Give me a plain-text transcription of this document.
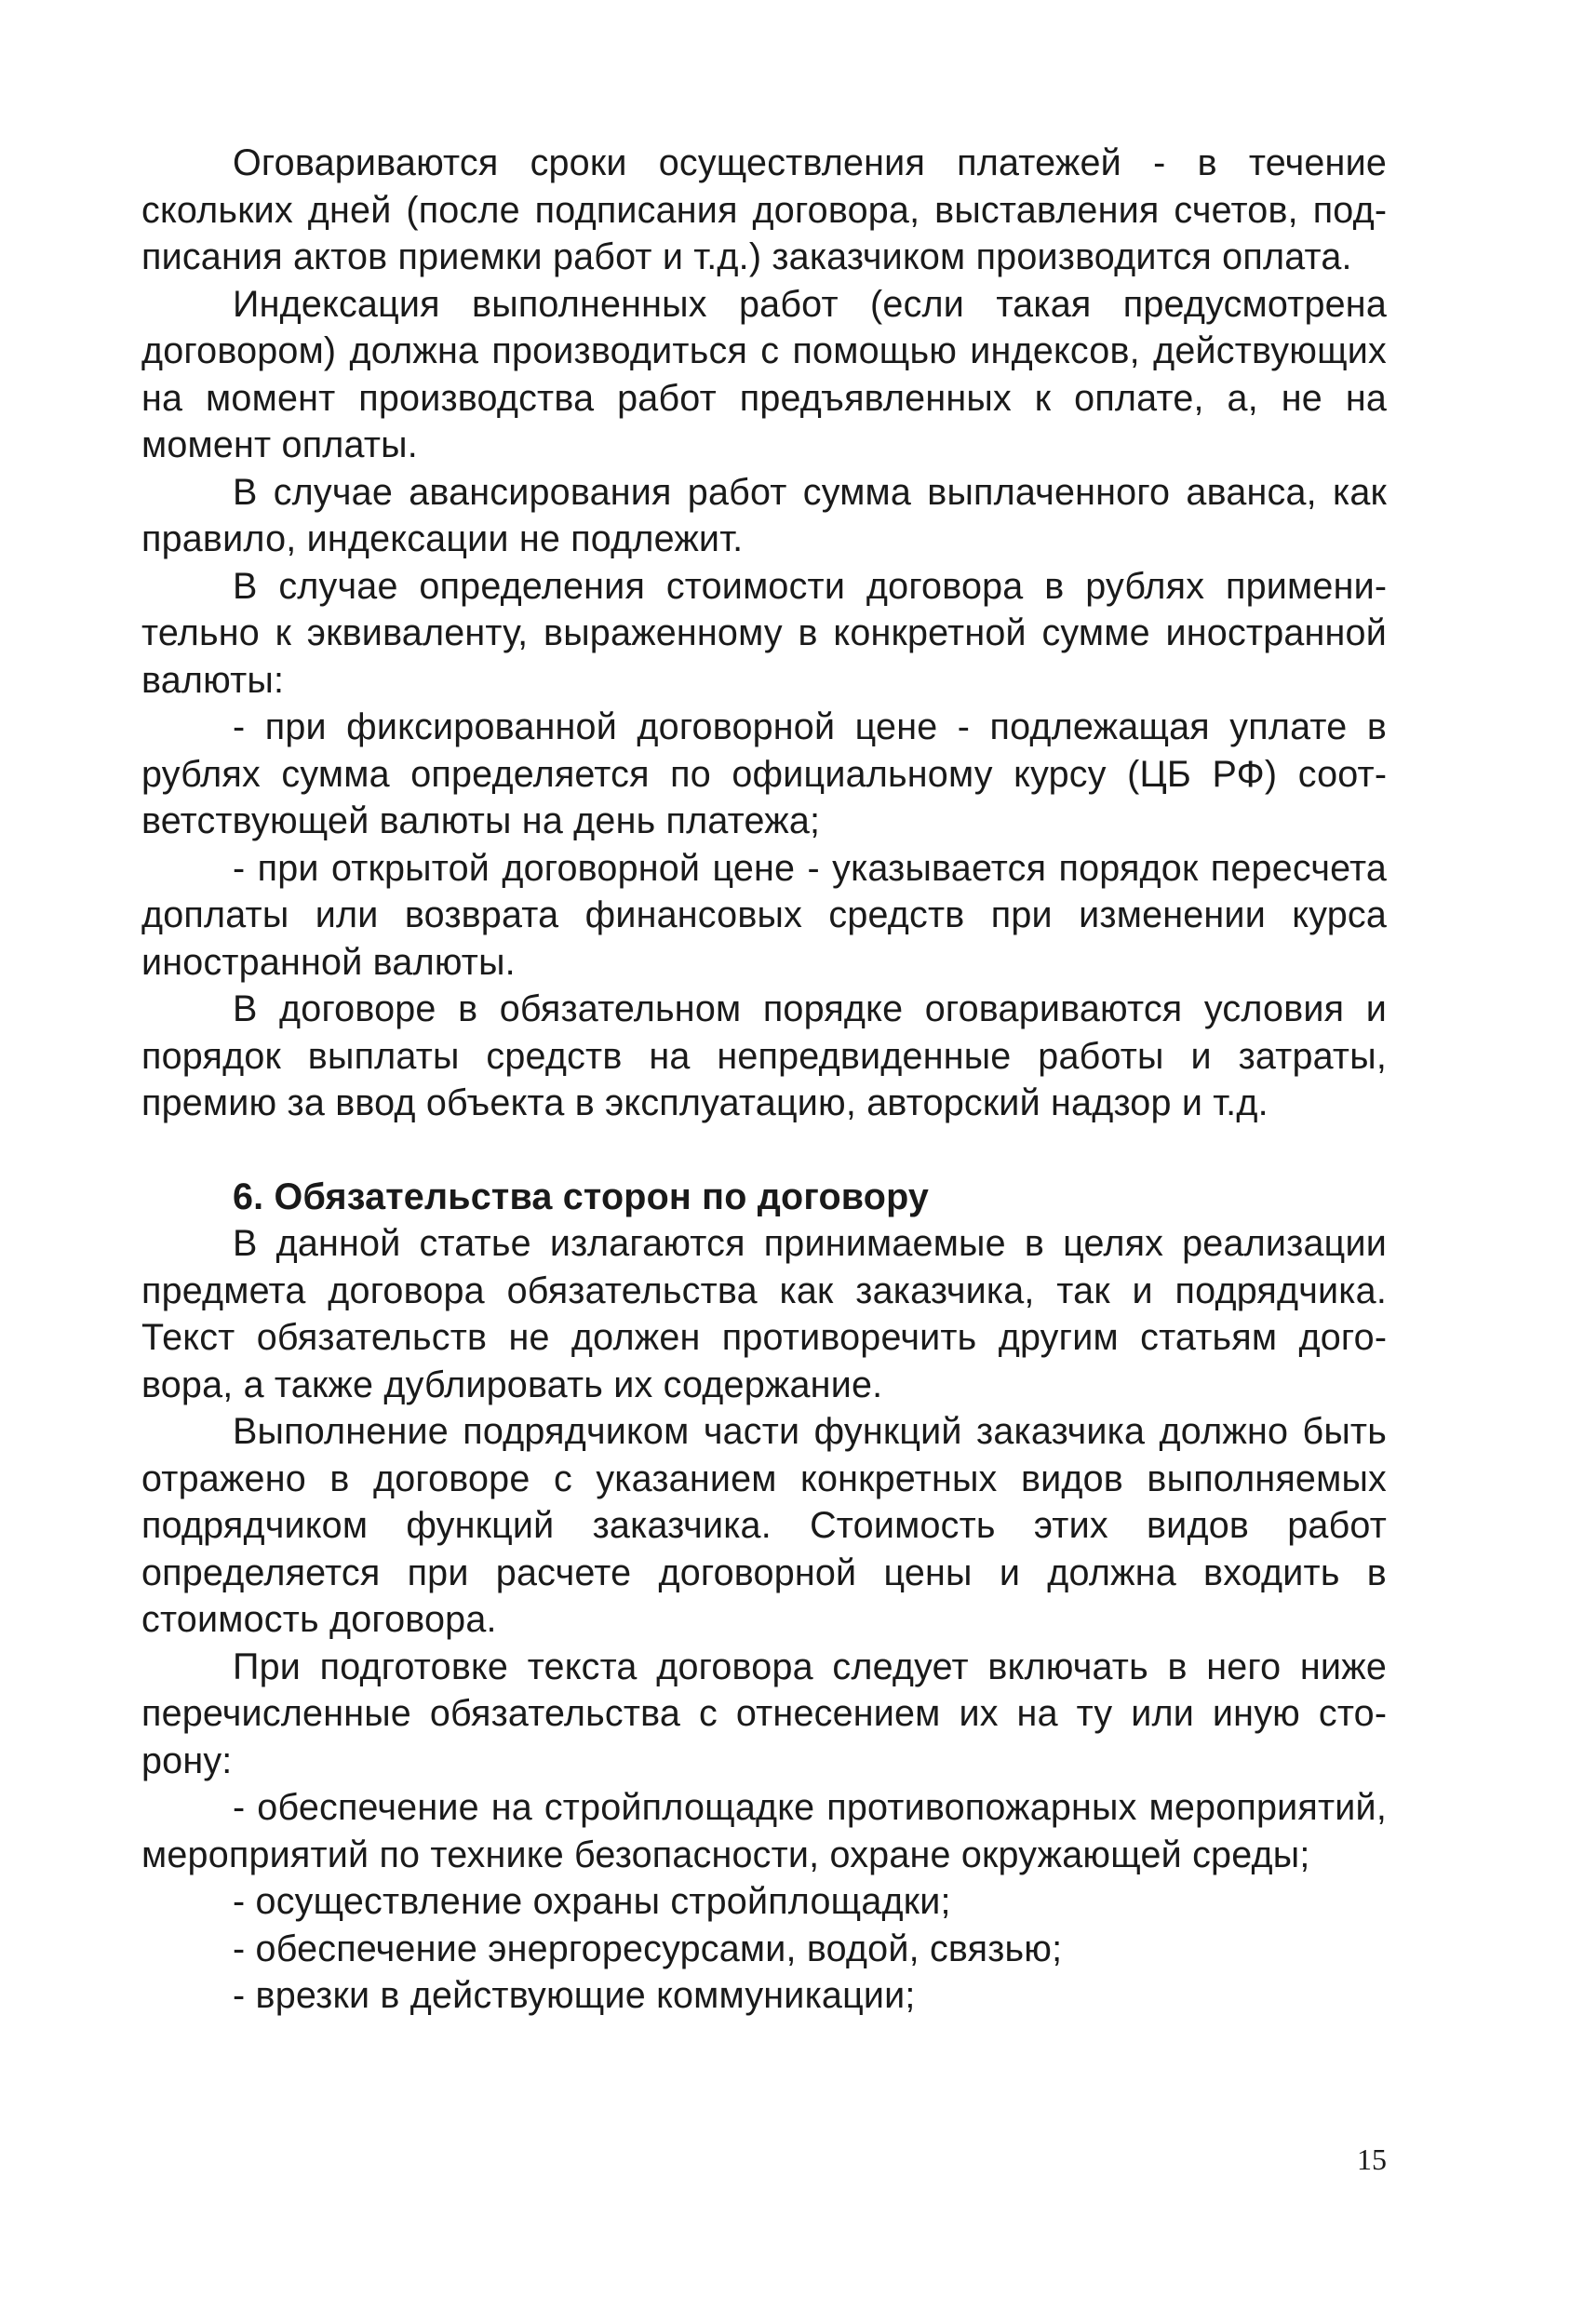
Оговариваются сроки осуществления платежей - в течение скольких дней (после подписания договора, выставления счетов, подписания актов приемки работ и т.д.) заказчиком производится оплата.

Индексация выполненных работ (если такая предусмотрена договором) должна производиться с помощью индексов, действующих на момент производства работ предъявленных к оплате, а, не на момент оплаты.

В случае авансирования работ сумма выплаченного аванса, как правило, индексации не подлежит.

В случае определения стоимости договора в рублях применительно к эквиваленту, выраженному в конкретной сумме иностранной валюты:

- при фиксированной договорной цене - подлежащая уплате в рублях сумма определяется по официальному курсу (ЦБ РФ) соответствующей валюты на день платежа;

- при открытой договорной цене - указывается порядок пересчета доплаты или возврата финансовых средств при изменении курса иностранной валюты.

В договоре в обязательном порядке оговариваются условия и порядок выплаты средств на непредвиденные работы и затраты, премию за ввод объекта в эксплуатацию, авторский надзор и т.д.

6. Обязательства сторон по договору

В данной статье излагаются принимаемые в целях реализации предмета договора обязательства как заказчика, так и подрядчика. Текст обязательств не должен противоречить другим статьям договора, а также дублировать их содержание.

Выполнение подрядчиком части функций заказчика должно быть отражено в договоре с указанием конкретных видов выполняемых подрядчиком функций заказчика. Стоимость этих видов работ определяется при расчете договорной цены и должна входить в стоимость договора.

При подготовке текста договора следует включать в него ниже перечисленные обязательства с отнесением их на ту или иную сторону:

- обеспечение на стройплощадке противопожарных мероприятий, мероприятий по технике безопасности, охране окружающей среды;

- осуществление охраны стройплощадки;

- обеспечение энергоресурсами, водой, связью;

- врезки в действующие коммуникации;

15
